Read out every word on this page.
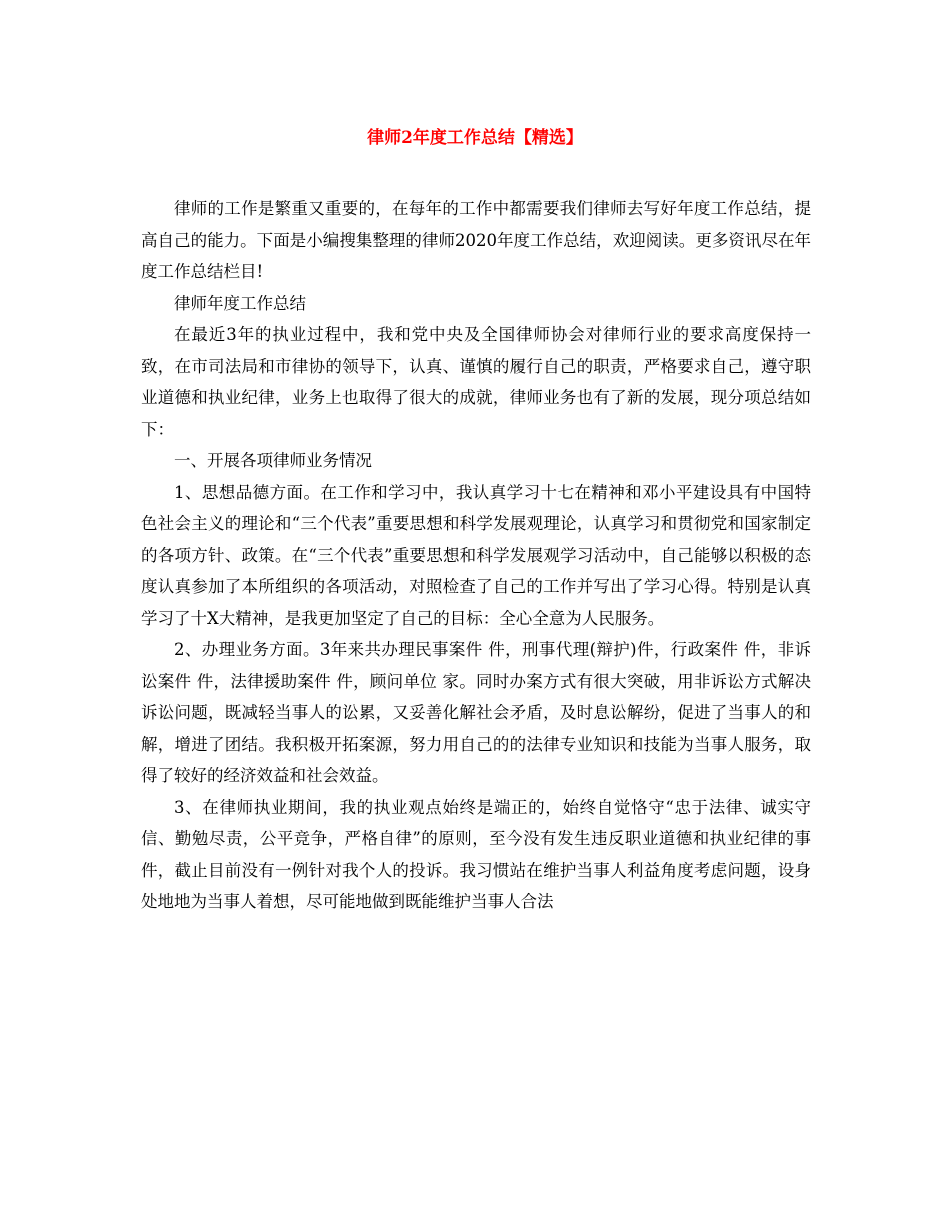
律师2年度工作总结【精选】

律师的工作是繁重又重要的，在每年的工作中都需要我们律师去写好年度工作总结，提高自己的能力。下面是小编搜集整理的律师2020年度工作总结，欢迎阅读。更多资讯尽在年度工作总结栏目!

律师年度工作总结

在最近3年的执业过程中，我和党中央及全国律师协会对律师行业的要求高度保持一致，在市司法局和市律协的领导下，认真、谨慎的履行自己的职责，严格要求自己，遵守职业道德和执业纪律，业务上也取得了很大的成就，律师业务也有了新的发展，现分项总结如下：

一、开展各项律师业务情况

1、思想品德方面。在工作和学习中，我认真学习十七在精神和邓小平建设具有中国特色社会主义的理论和“三个代表”重要思想和科学发展观理论，认真学习和贯彻党和国家制定的各项方针、政策。在“三个代表”重要思想和科学发展观学习活动中，自己能够以积极的态度认真参加了本所组织的各项活动，对照检查了自己的工作并写出了学习心得。特别是认真学习了十X大精神，是我更加坚定了自己的目标：全心全意为人民服务。

2、办理业务方面。3年来共办理民事案件 件，刑事代理(辩护)件，行政案件 件，非诉讼案件 件，法律援助案件 件，顾问单位 家。同时办案方式有很大突破，用非诉讼方式解决诉讼问题，既减轻当事人的讼累，又妥善化解社会矛盾，及时息讼解纷，促进了当事人的和解，增进了团结。我积极开拓案源，努力用自己的的法律专业知识和技能为当事人服务，取得了较好的经济效益和社会效益。

3、在律师执业期间，我的执业观点始终是端正的，始终自觉恪守“忠于法律、诚实守信、勤勉尽责，公平竞争，严格自律”的原则，至今没有发生违反职业道德和执业纪律的事件，截止目前没有一例针对我个人的投诉。我习惯站在维护当事人利益角度考虑问题，设身处地地为当事人着想，尽可能地做到既能维护当事人合法
